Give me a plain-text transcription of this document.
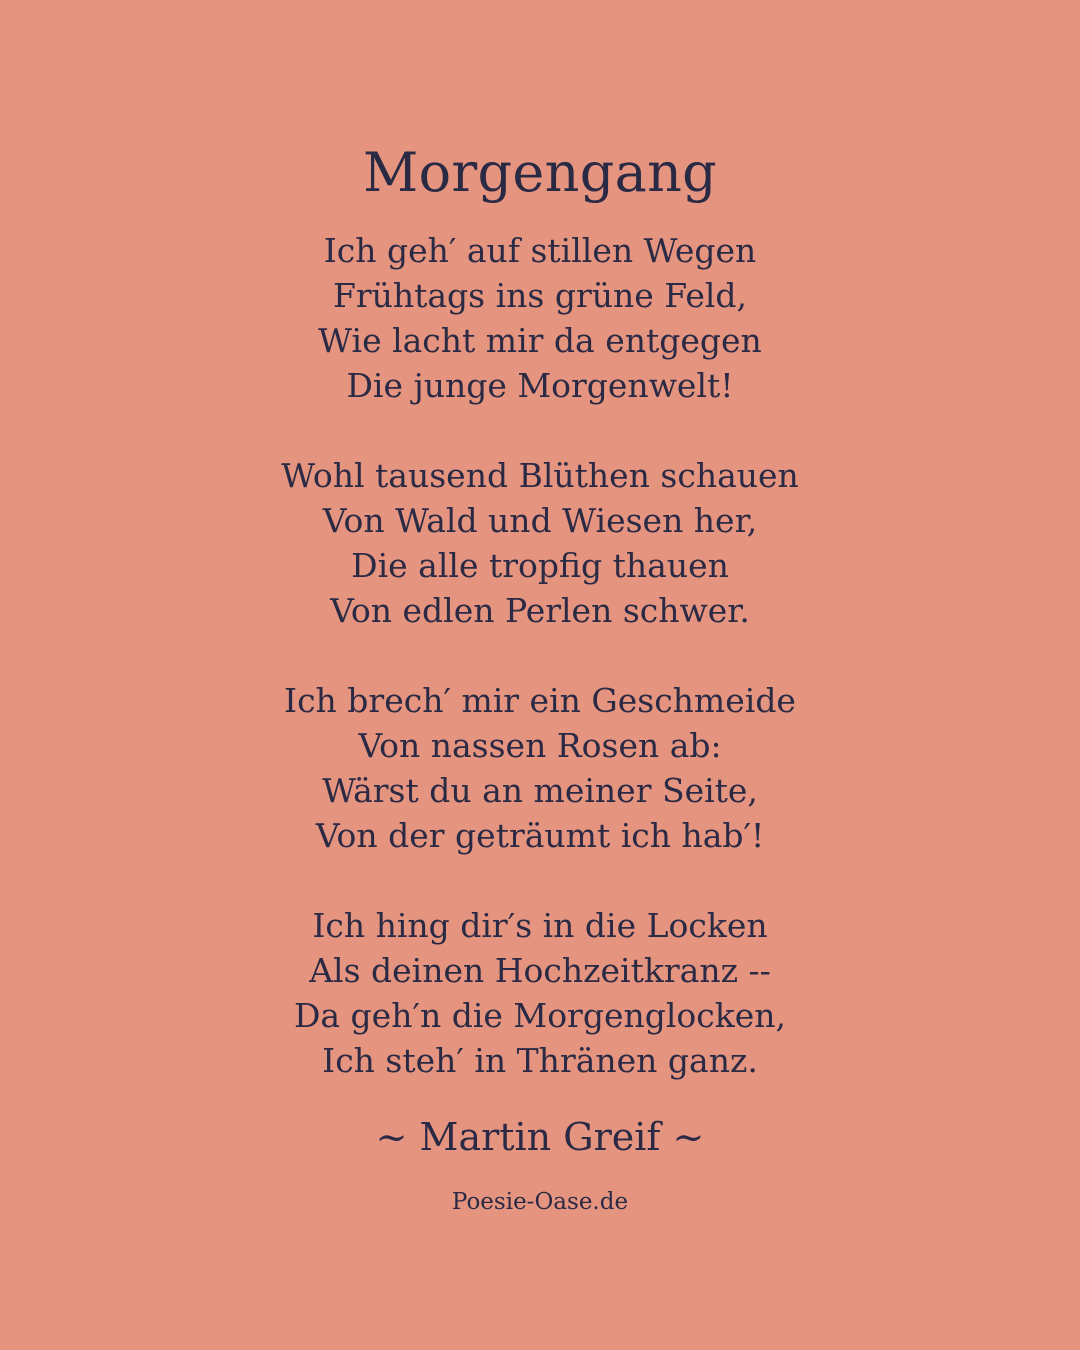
Morgengang
Ich geh′ auf stillen Wegen
Frühtags ins grüne Feld,
Wie lacht mir da entgegen
Die junge Morgenwelt!
Wohl tausend Blüthen schauen
Von Wald und Wiesen her,
Die alle tropfig thauen
Von edlen Perlen schwer.
Ich brech′ mir ein Geschmeide
Von nassen Rosen ab:
Wärst du an meiner Seite,
Von der geträumt ich hab′!
Ich hing dir′s in die Locken
Als deinen Hochzeitkranz --
Da geh′n die Morgenglocken,
Ich steh′ in Thränen ganz.
~ Martin Greif ~
Poesie-Oase.de
